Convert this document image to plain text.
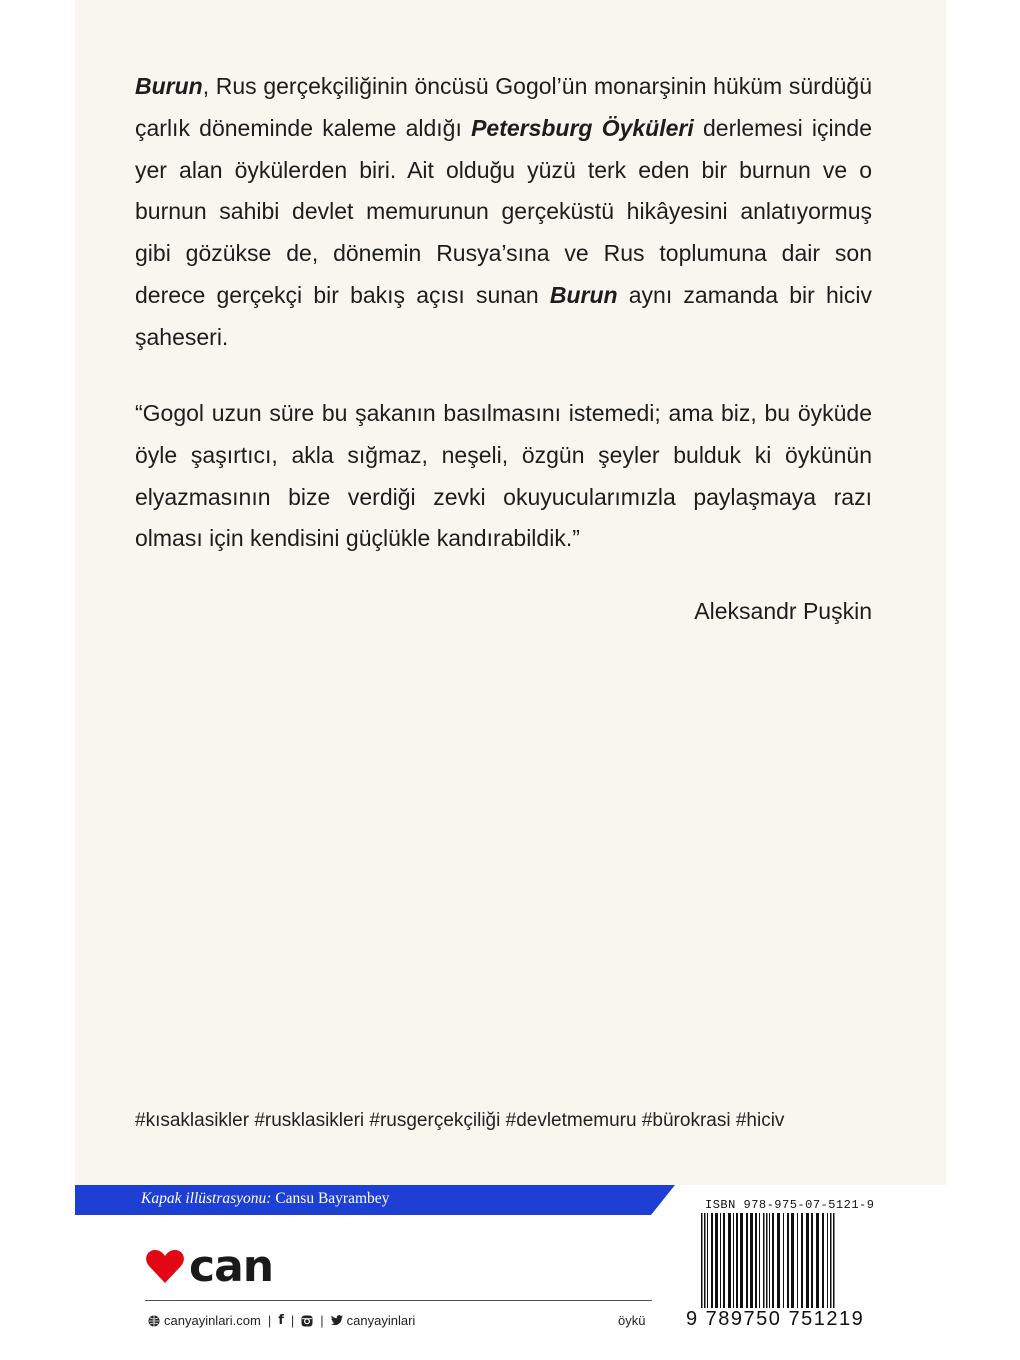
Burun, Rus gerçekçiliğinin öncüsü Gogol’ün monarşinin hüküm sürdüğü çarlık döneminde kaleme aldığı Petersburg Öyküleri derlemesi içinde yer alan öykülerden biri. Ait olduğu yüzü terk eden bir burnun ve o burnun sahibi devlet memurunun gerçeküstü hikâyesini anlatıyormuş gibi gözükse de, dönemin Rusya’sına ve Rus toplumuna dair son derece gerçekçi bir bakış açısı sunan Burun aynı zamanda bir hiciv şaheseri.

“Gogol uzun süre bu şakanın basılmasını istemedi; ama biz, bu öyküde öyle şaşırtıcı, akla sığmaz, neşeli, özgün şeyler bulduk ki öykünün elyazmasının bize verdiği zevki okuyucularımızla paylaşmaya razı olması için kendisini güçlükle kandırabildik.”

Aleksandr Puşkin
#kısaklasikler #rusklasikleri #rusgerçekçiliği #devletmemuru #bürokrasi #hiciv
Kapak illüstrasyonu: Cansu Bayrambey
can
canyayinlari.com | f | | canyayinlari	öykü
ISBN 978-975-07-5121-9
9 789750 751219
